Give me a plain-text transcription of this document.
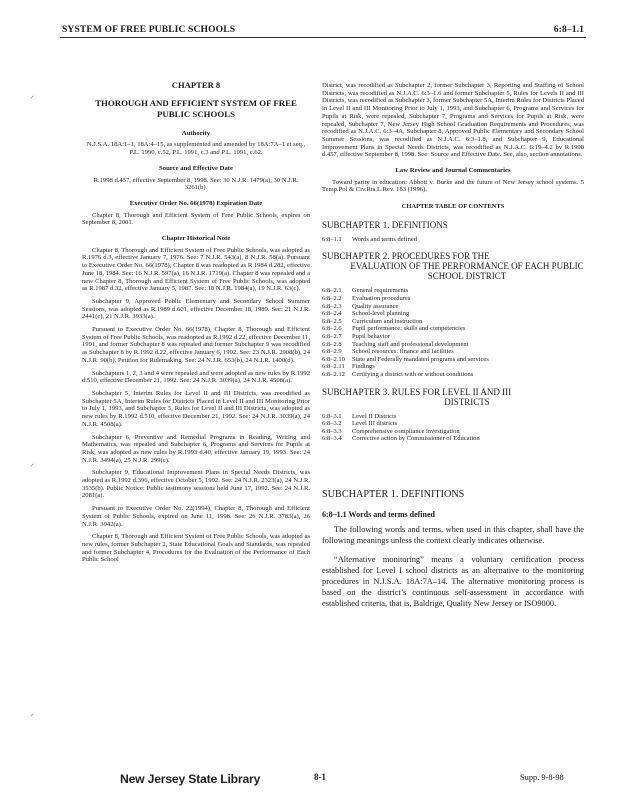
SYSTEM OF FREE PUBLIC SCHOOLS	6:8–1.1
⸝
⸝
⸝
CHAPTER 8
THOROUGH AND EFFICIENT SYSTEM OF FREE PUBLIC SCHOOLS
Authority
N.J.S.A. 18A:1–1, 18A:4–15, as supplemented and amended by 18A:7A–1 et seq., P.L. 1990, c.52, P.L. 1991, c.3 and P.L. 1991, c.62.
Source and Effective Date
R.1998 d.457, effective September 8, 1998. See: 30 N.J.R. 1479(a), 30 N.J.R. 3261(b).
Executive Order No. 66(1978) Expiration Date

Chapter 8, Thorough and Efficient System of Free Public Schools, expires on September 8, 2001.

Chapter Historical Note

Chapter 8, Thorough and Efficient System of Free Public Schools, was adopted as R.1976 d.3, effective January 7, 1976. See: 7 N.J.R. 543(a), 8 N.J.R. 58(a). Pursuant to Executive Order No. 66(1978), Chapter 8 was readopted as R.1984 d.282, effective June 18, 1984. See: 16 N.J.R. 597(a), 16 N.J.R. 1719(a). Chapter 8 was repealed and a new Chapter 8, Thorough and Efficient System of Free Public Schools, was adopted as R.1987 d.32, effective January 5, 1987. See: 18 N.J.R. 1984(a), 19 N.J.R. 63(c).

Subchapter 9, Approved Public Elementary and Secondary School Summer Sessions, was adopted as R.1989 d.601, effective December 18, 1989. See: 21 N.J.R. 2441(c), 21 N.J.R. 3933(a).

Pursuant to Executive Order No. 66(1978), Chapter 8, Thorough and Efficient System of Free Public Schools, was readopted as R.1992 d.22, effective December 11, 1991, and former Subchapter 8 was repealed and former Subchapter 9 was recodified as Subchapter 8 by R.1992 d.22, effective January 6, 1992. See: 23 N.J.R. 2908(b), 24 N.J.R. 90(b). Petition for Rulemaking. See: 24 N.J.R. 653(b), 24 N.J.R. 1400(d).

Subchapters 1, 2, 3 and 4 were repealed and were adopted as new rules by R.1992 d.510, effective December 21, 1992. See: 24 N.J.R. 3039(a), 24 N.J.R. 4508(a).

Subchapter 5, Interim Rules for Level II and III Districts, was recodified as Subchapter 5A, Interim Rules for Districts Placed in Level II and III Monitoring Prior to July 1, 1993, and Subchapter 5, Rules for Level II and III Districts, was adopted as new rules by R.1992 d.510, effective December 21, 1992. See: 24 N.J.R. 3039(a), 24 N.J.R. 4508(a).

Subchapter 6, Preventive and Remedial Programs in Reading, Writing and Mathematics, was repealed and Subchapter 6, Programs and Services for Pupils at Risk, was adopted as new rules by R.1993 d.40, effective January 19, 1993. See: 24 N.J.R. 3494(a), 25 N.J.R. 299(c).

Subchapter 9, Educational Improvement Plans in Special Needs Districts, was adopted as R.1992 d.396, effective October 5, 1992. See: 24 N.J.R. 2323(a), 24 N.J.R. 3535(b). Public Notice: Public testimony sessions held June 17, 1992. See: 24 N.J.R. 2081(a).

Pursuant to Executive Order No. 22(1994), Chapter 8, Thorough and Efficient System of Public Schools, expired on June 11, 1998. See: 26 N.J.R. 3783(a), 26 N.J.R. 3942(a).

Chapter 8, Thorough and Efficient System of Free Public Schools, was adopted as new rules, former Subchapter 2, State Educational Goals and Standards, was repealed and former Subchapter 4, Procedures for the Evaluation of the Performance of Each Public School

District, was recodified as Subchapter 2, former Subchapter 3, Reporting and Staffing of School Districts, was recodified as N.J.A.C. 6:3–1.6 and former Subchapter 5, Rules for Levels II and III Districts, was recodified as Subchapter 3, former Subchapter 5A, Interim Rules for Districts Placed in Level II and III Monitoring Prior to July 1, 1993, and Subchapter 6, Programs and Services for Pupils at Risk, were repealed, Subchapter 7, Programs and Services for Pupils at Risk, were repealed, Subchapter 7, New Jersey High School Graduation Requirements and Procedures, was recodified as N.J.A.C. 6:3–4A, Subchapter 8, Approved Public Elementary and Secondary School Summer Sessions, was recodified as N.J.A.C. 6:3–1.8, and Subchapter 9, Educational Improvement Plans in Special Needs Districts, was recodified as N.J.A.C. 6:19–4.2 by R.1998 d.457, effective September 8, 1998. See: Source and Effective Date. See, also, section annotations.

Law Review and Journal Commentaries

Toward parity in education: Abbott v. Burke and the future of New Jersey school systems. 5 Temp.Pol & Civ.Rts.L.Rev. 183 (1996).

CHAPTER TABLE OF CONTENTS
SUBCHAPTER 1. DEFINITIONS
6:8–1.1	Words and terms defined
SUBCHAPTER 2. PROCEDURES FOR THE
EVALUATION OF THE PERFORMANCE OF EACH PUBLIC SCHOOL DISTRICT
6:8–2.1	General requirements
6:8–2.2	Evaluation procedures
6:8–2.3	Quality assurance
6:8–2.4	School-level planning
6:8–2.5	Curriculum and instruction
6:8–2.6	Pupil performance: skills and competencies
6:8–2.7	Pupil behavior
6:8–2.8	Teaching staff and professional development
6:8–2.9	School resources: finance and facilities
6:8–2.10	State and Federally mandated programs and services
6:8–2.11	Findings
6:8–2.12	Certifying a district with or without conditions
SUBCHAPTER 3. RULES FOR LEVEL II AND III
DISTRICTS
6:8–3.1	Level II Districts
6:8–3.2	Level III districts
6:8–3.3	Comprehensive compliance investigation
6:8–3.4	Corrective action by Commissioner of Education
SUBCHAPTER 1. DEFINITIONS
6:8–1.1 Words and terms defined

The following words and terms, when used in this chapter, shall have the following meanings unless the context clearly indicates otherwise.

“Alternative monitoring” means a voluntary certification process established for Level I school districts as an alternative to the monitoring procedures in N.J.S.A. 18A:7A–14. The alternative monitoring process is based on the district’s continuous self-assessment in accordance with established criteria, that is, Baldrige, Quality New Jersey or ISO9000.

New Jersey State Library	8-1	Supp. 9-8-98
